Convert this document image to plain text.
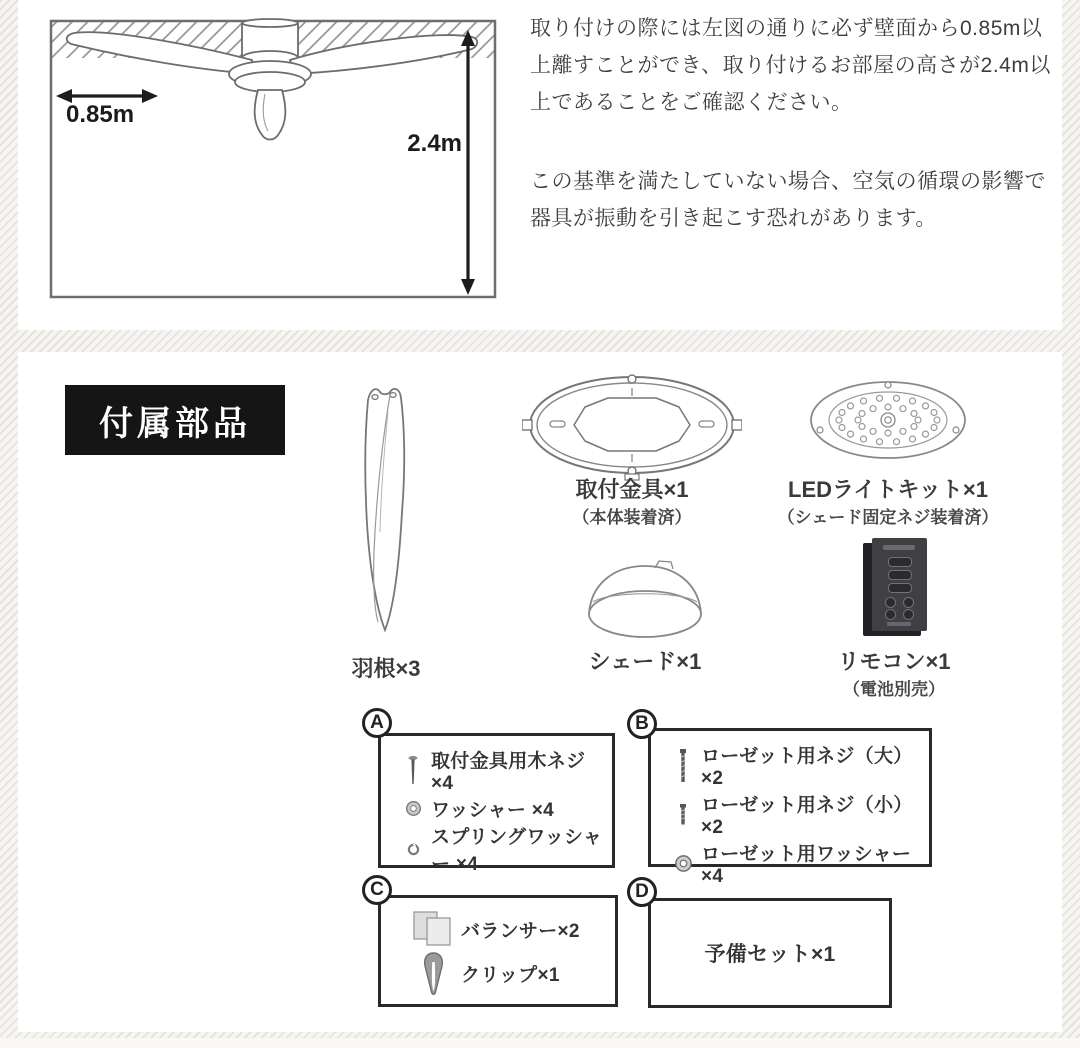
0.85m
2.4m

取り付けの際には左図の通りに必ず壁面から0.85m以上離すことができ、取り付けるお部屋の高さが2.4m以上であることをご確認ください。

この基準を満たしていない場合、空気の循環の影響で器具が振動を引き起こす恐れがあります。

付属部品
羽根×3
取付金具×1
（本体装着済）
LEDライトキット×1
（シェード固定ネジ装着済）
シェード×1	リモコン×1
（電池別売）
A
取付金具用木ネジ ×4
ワッシャー ×4
スプリングワッシャー ×4
B
ローゼット用ネジ（大）×2
ローゼット用ネジ（小）×2
ローゼット用ワッシャー×4
C
バランサー×2
クリップ×1
D
予備セット×1
